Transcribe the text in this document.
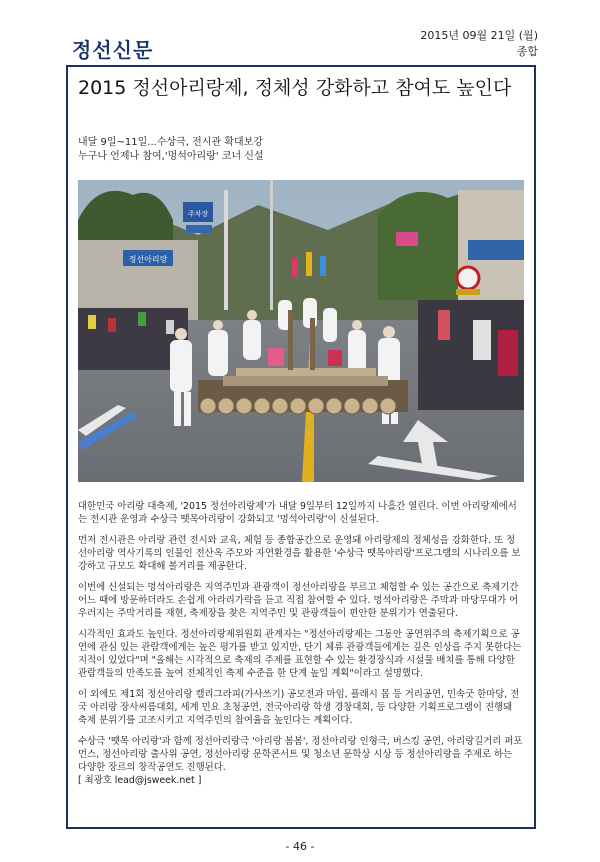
정선신문
2015년 09월 21일 (월)
종합
2015 정선아리랑제, 정체성 강화하고 참여도 높인다
내달 9일~11일...수상극, 전시관 확대보강
누구나 언제나 참여,'멍석아리랑' 코너 신설
정선아리랑
주차장

대한민국 아리랑 대축제, '2015 정선아리랑제'가 내달 9일부터 12일까지 나흘간 열린다. 이번 아리랑제에서는 전시관 운영과 수상극 뗏목아리랑이 강화되고 '멍석아리랑'이 신설된다.

먼저 전시관은 아리랑 관련 전시와 교육, 체험 등 종합공간으로 운영돼 아리랑제의 정체성을 강화한다. 또 정선아리랑 역사기록의 인물인 전산옥 주모와 자연환경을 활용한 '수상극 뗏목아리랑'프로그램의 시나리오를 보강하고 규모도 확대해 볼거리를 제공한다.

이번에 신설되는 멍석아리랑은 지역주민과 관광객이 정선아리랑을 부르고 체험할 수 있는 공간으로 축제기간 어느 때에 방문하더라도 손쉽게 아라리가락을 듣고 직접 참여할 수 있다. 멍석아리랑은 주막과 마당무대가 어우러지는 주막거리를 재현, 축제장을 찾은 지역주민 및 관광객들이 편안한 분위기가 연출된다.

시각적인 효과도 높인다. 정선아리랑제위원회 관계자는 "정선아리랑제는 그동안 공연위주의 축제기획으로 공연에 관심 있는 관람객에게는 높은 평가를 받고 있지만, 단기 체류 관광객들에게는 깊은 인상을 주지 못한다는 지적이 있었다"며 "올해는 시각적으로 축제의 주제를 표현할 수 있는 환경장식과 시설물 배치를 통해 다양한 관람객들의 만족도를 높여 전체적인 축제 수준을 한 단계 높일 계획"이라고 설명했다.

이 외에도 제1회 정선아리랑 캘리그라피(가사쓰기) 공모전과 마임, 플래시 몹 등 거리공연, 민속굿 한마당, 전국 아리랑 장사씨름대회, 세계 민요 초청공연, 전국아리랑 학생 경창대회, 등 다양한 기획프로그램이 진행돼 축제 분위기를 고조시키고 지역주민의 참여율을 높인다는 계획이다.

수상극 '뗏목 아리랑'과 함께 정선아리랑극 '아리랑 봄봄', 정선아리랑 인형극, 버스킹 공연, 아리랑길거리 퍼포먼스, 정선아리랑 출사위 공연, 정선아리랑 문학콘서트 및 청소년 문학상 시상 등 정선아리랑을 주제로 하는 다양한 장르의 창작공연도 진행된다.

[ 최광호 lead@jsweek.net ]

- 46 -
